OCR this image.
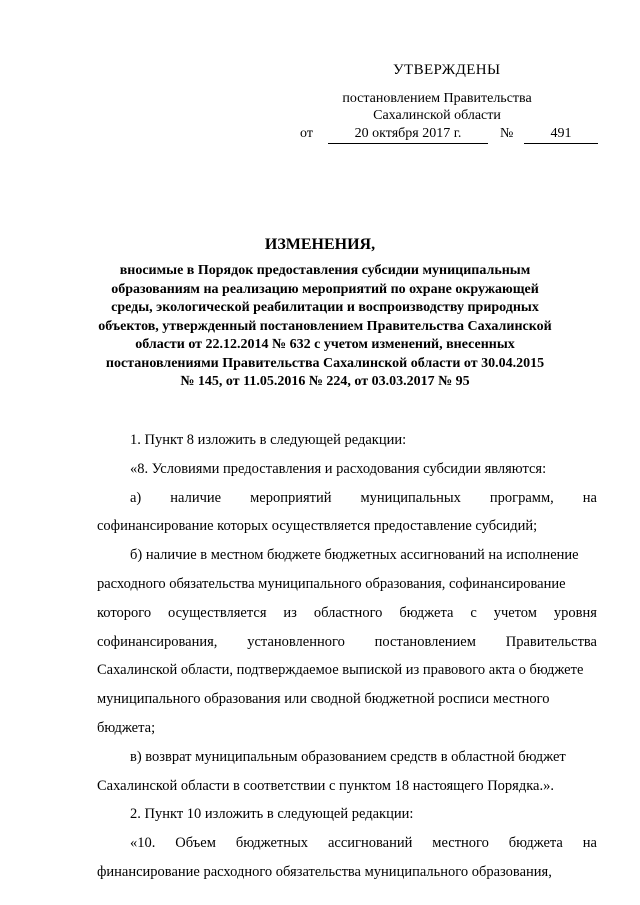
УТВЕРЖДЕНЫ
постановлением Правительства
Сахалинской области
от	20 октября 2017 г.	№	491
ИЗМЕНЕНИЯ,
вносимые в Порядок предоставления субсидии муниципальным
образованиям на реализацию мероприятий по охране окружающей
среды, экологической реабилитации и воспроизводству природных
объектов, утвержденный постановлением Правительства Сахалинской
области от 22.12.2014 № 632 с учетом изменений, внесенных
постановлениями Правительства Сахалинской области от 30.04.2015
№ 145, от 11.05.2016 № 224, от 03.03.2017 № 95
1. Пункт 8 изложить в следующей редакции:
«8. Условиями предоставления и расходования субсидии являются:
а) наличие мероприятий муниципальных программ, на
софинансирование которых осуществляется предоставление субсидий;
б) наличие в местном бюджете бюджетных ассигнований на исполнение
расходного обязательства муниципального образования, софинансирование
которого осуществляется из областного бюджета с учетом уровня
софинансирования, установленного постановлением Правительства
Сахалинской области, подтверждаемое выпиской из правового акта о бюджете
муниципального образования или сводной бюджетной росписи местного
бюджета;
в) возврат муниципальным образованием средств в областной бюджет
Сахалинской области в соответствии с пунктом 18 настоящего Порядка.».
2. Пункт 10 изложить в следующей редакции:
«10. Объем бюджетных ассигнований местного бюджета на
финансирование расходного обязательства муниципального образования,
